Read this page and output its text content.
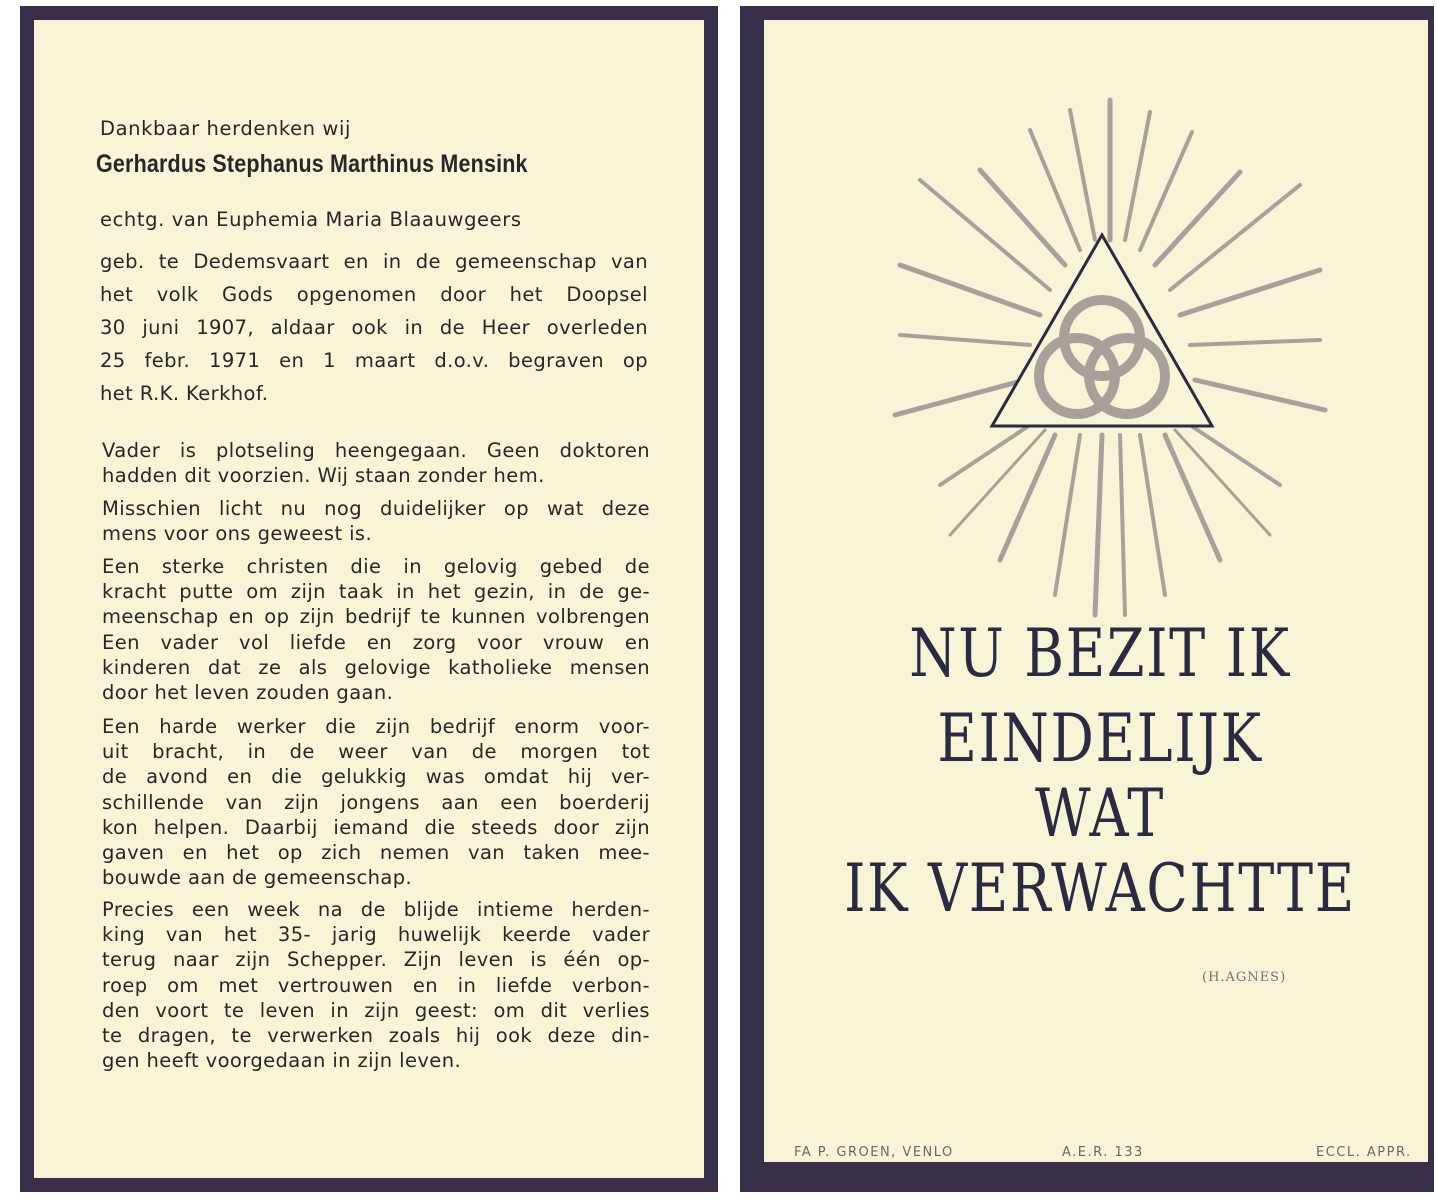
Dankbaar herdenken wij
Gerhardus Stephanus Marthinus Mensink
echtg. van Euphemia Maria Blaauwgeers

geb. te Dedemsvaart en in de gemeenschap van

het volk Gods opgenomen door het Doopsel

30 juni 1907, aldaar ook in de Heer overleden

25 febr. 1971 en 1 maart d.o.v. begraven op

het R.K. Kerkhof.

Vader is plotseling heengegaan. Geen doktoren

hadden dit voorzien. Wij staan zonder hem.

Misschien licht nu nog duidelijker op wat deze

mens voor ons geweest is.

Een sterke christen die in gelovig gebed de

kracht putte om zijn taak in het gezin, in de ge-

meenschap en op zijn bedrijf te kunnen volbrengen

Een vader vol liefde en zorg voor vrouw en

kinderen dat ze als gelovige katholieke mensen

door het leven zouden gaan.

Een harde werker die zijn bedrijf enorm voor-

uit bracht, in de weer van de morgen tot

de avond en die gelukkig was omdat hij ver-

schillende van zijn jongens aan een boerderij

kon helpen. Daarbij iemand die steeds door zijn

gaven en het op zich nemen van taken mee-

bouwde aan de gemeenschap.

Precies een week na de blijde intieme herden-

king van het 35- jarig huwelijk keerde vader

terug naar zijn Schepper. Zijn leven is één op-

roep om met vertrouwen en in liefde verbon-

den voort te leven in zijn geest: om dit verlies

te dragen, te verwerken zoals hij ook deze din-

gen heeft voorgedaan in zijn leven.

NU BEZIT IK
EINDELIJK
WAT
IK VERWACHTTE
(H.AGNES)
FA P. GROEN, VENLO	A.E.R. 133	ECCL. APPR.
